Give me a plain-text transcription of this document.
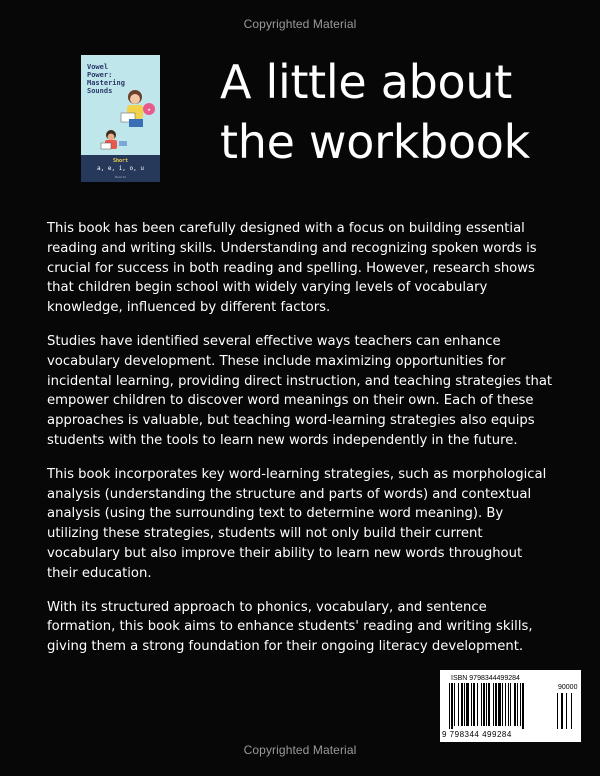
Copyrighted Material
Vowel Power:
Mastering
Sounds
★
Short
a, e, i, o, u
Book #1
A little about
the workbook

This book has been carefully designed with a focus on building essential reading and writing skills. Understanding and recognizing spoken words is crucial for success in both reading and spelling. However, research shows that children begin school with widely varying levels of vocabulary knowledge, influenced by different factors.

Studies have identified several effective ways teachers can enhance vocabulary development. These include maximizing opportunities for incidental learning, providing direct instruction, and teaching strategies that empower children to discover word meanings on their own. Each of these approaches is valuable, but teaching word-learning strategies also equips students with the tools to learn new words independently in the future.

This book incorporates key word-learning strategies, such as morphological analysis (understanding the structure and parts of words) and contextual analysis (using the surrounding text to determine word meaning). By utilizing these strategies, students will not only build their current vocabulary but also improve their ability to learn new words throughout their education.

With its structured approach to phonics, vocabulary, and sentence formation, this book aims to enhance students' reading and writing skills, giving them a strong foundation for their ongoing literacy development.

ISBN 9798344499284
90000
9 798344 499284
Copyrighted Material
